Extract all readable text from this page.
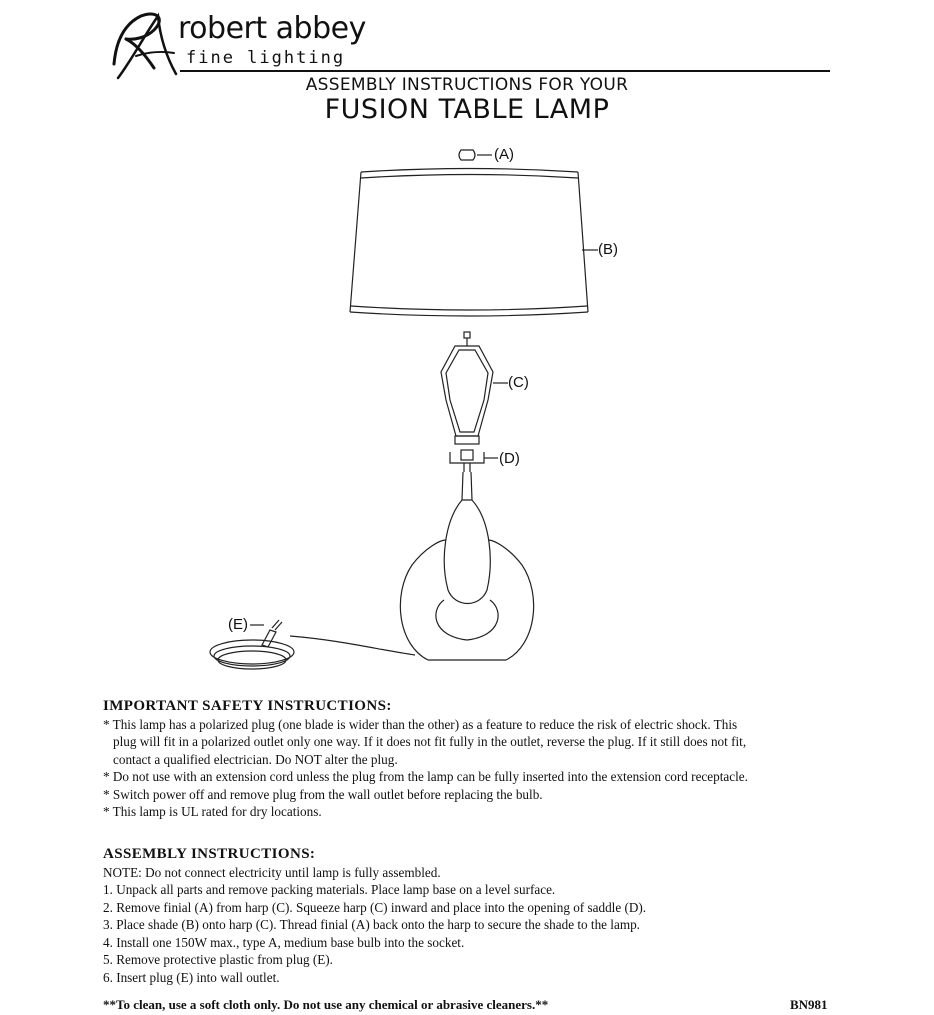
robert abbey
fine lighting
ASSEMBLY INSTRUCTIONS FOR YOUR
FUSION TABLE LAMP
(A)
(B)
(C)
(D)
(E)
IMPORTANT SAFETY INSTRUCTIONS:
* This lamp has a polarized plug (one blade is wider than the other) as a feature to reduce the risk of electric shock. This
plug will fit in a polarized outlet only one way. If it does not fit fully in the outlet, reverse the plug. If it still does not fit,
contact a qualified electrician. Do NOT alter the plug.
* Do not use with an extension cord unless the plug from the lamp can be fully inserted into the extension cord receptacle.
* Switch power off and remove plug from the wall outlet before replacing the bulb.
* This lamp is UL rated for dry locations.
ASSEMBLY INSTRUCTIONS:
NOTE: Do not connect electricity until lamp is fully assembled.
1. Unpack all parts and remove packing materials. Place lamp base on a level surface.
2. Remove finial (A) from harp (C). Squeeze harp (C) inward and place into the opening of saddle (D).
3. Place shade (B) onto harp (C). Thread finial (A) back onto the harp to secure the shade to the lamp.
4. Install one 150W max., type A, medium base bulb into the socket.
5. Remove protective plastic from plug (E).
6. Insert plug (E) into wall outlet.
**To clean, use a soft cloth only. Do not use any chemical or abrasive cleaners.**	BN981
